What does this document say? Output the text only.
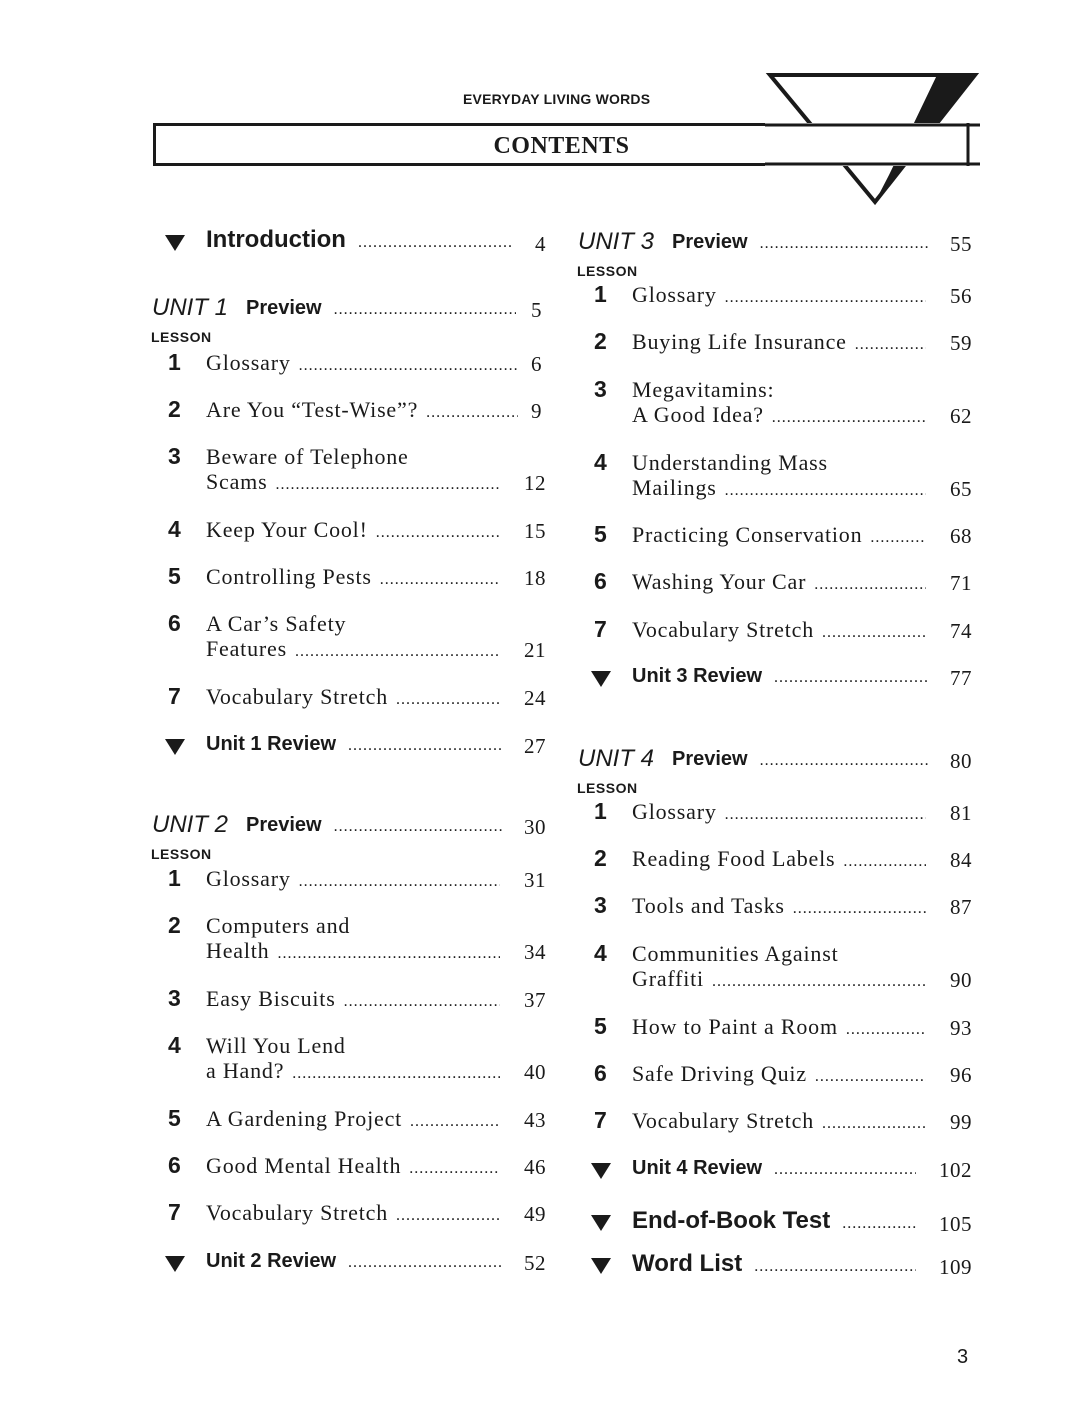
EVERYDAY LIVING WORDS
CONTENTS
Introduction .....	4
UNIT 1 Preview .....	5
LESSON
1 Glossary .....	6
2 Are You “Test-Wise”? .....	9
3 Beware of Telephone
Scams .....	12
4 Keep Your Cool! .....	15
5 Controlling Pests .....	18
6 A Car’s Safety
Features .....	21
7 Vocabulary Stretch .....	24
Unit 1 Review .....	27
UNIT 2 Preview .....	30
LESSON
1 Glossary .....	31
2 Computers and
Health .....	34
3 Easy Biscuits .....	37
4 Will You Lend
a Hand? .....	40
5 A Gardening Project .....	43
6 Good Mental Health .....	46
7 Vocabulary Stretch .....	49
Unit 2 Review .....	52
UNIT 3 Preview .....	55
LESSON
1 Glossary .....	56
2 Buying Life Insurance .....	59
3 Megavitamins:
A Good Idea? .....	62
4 Understanding Mass
Mailings .....	65
5 Practicing Conservation .....	68
6 Washing Your Car .....	71
7 Vocabulary Stretch .....	74
Unit 3 Review .....	77
UNIT 4 Preview .....	80
LESSON
1 Glossary .....	81
2 Reading Food Labels .....	84
3 Tools and Tasks .....	87
4 Communities Against
Graffiti .....	90
5 How to Paint a Room .....	93
6 Safe Driving Quiz .....	96
7 Vocabulary Stretch .....	99
Unit 4 Review .....	102
End-of-Book Test .....	105
Word List .....	109
3
